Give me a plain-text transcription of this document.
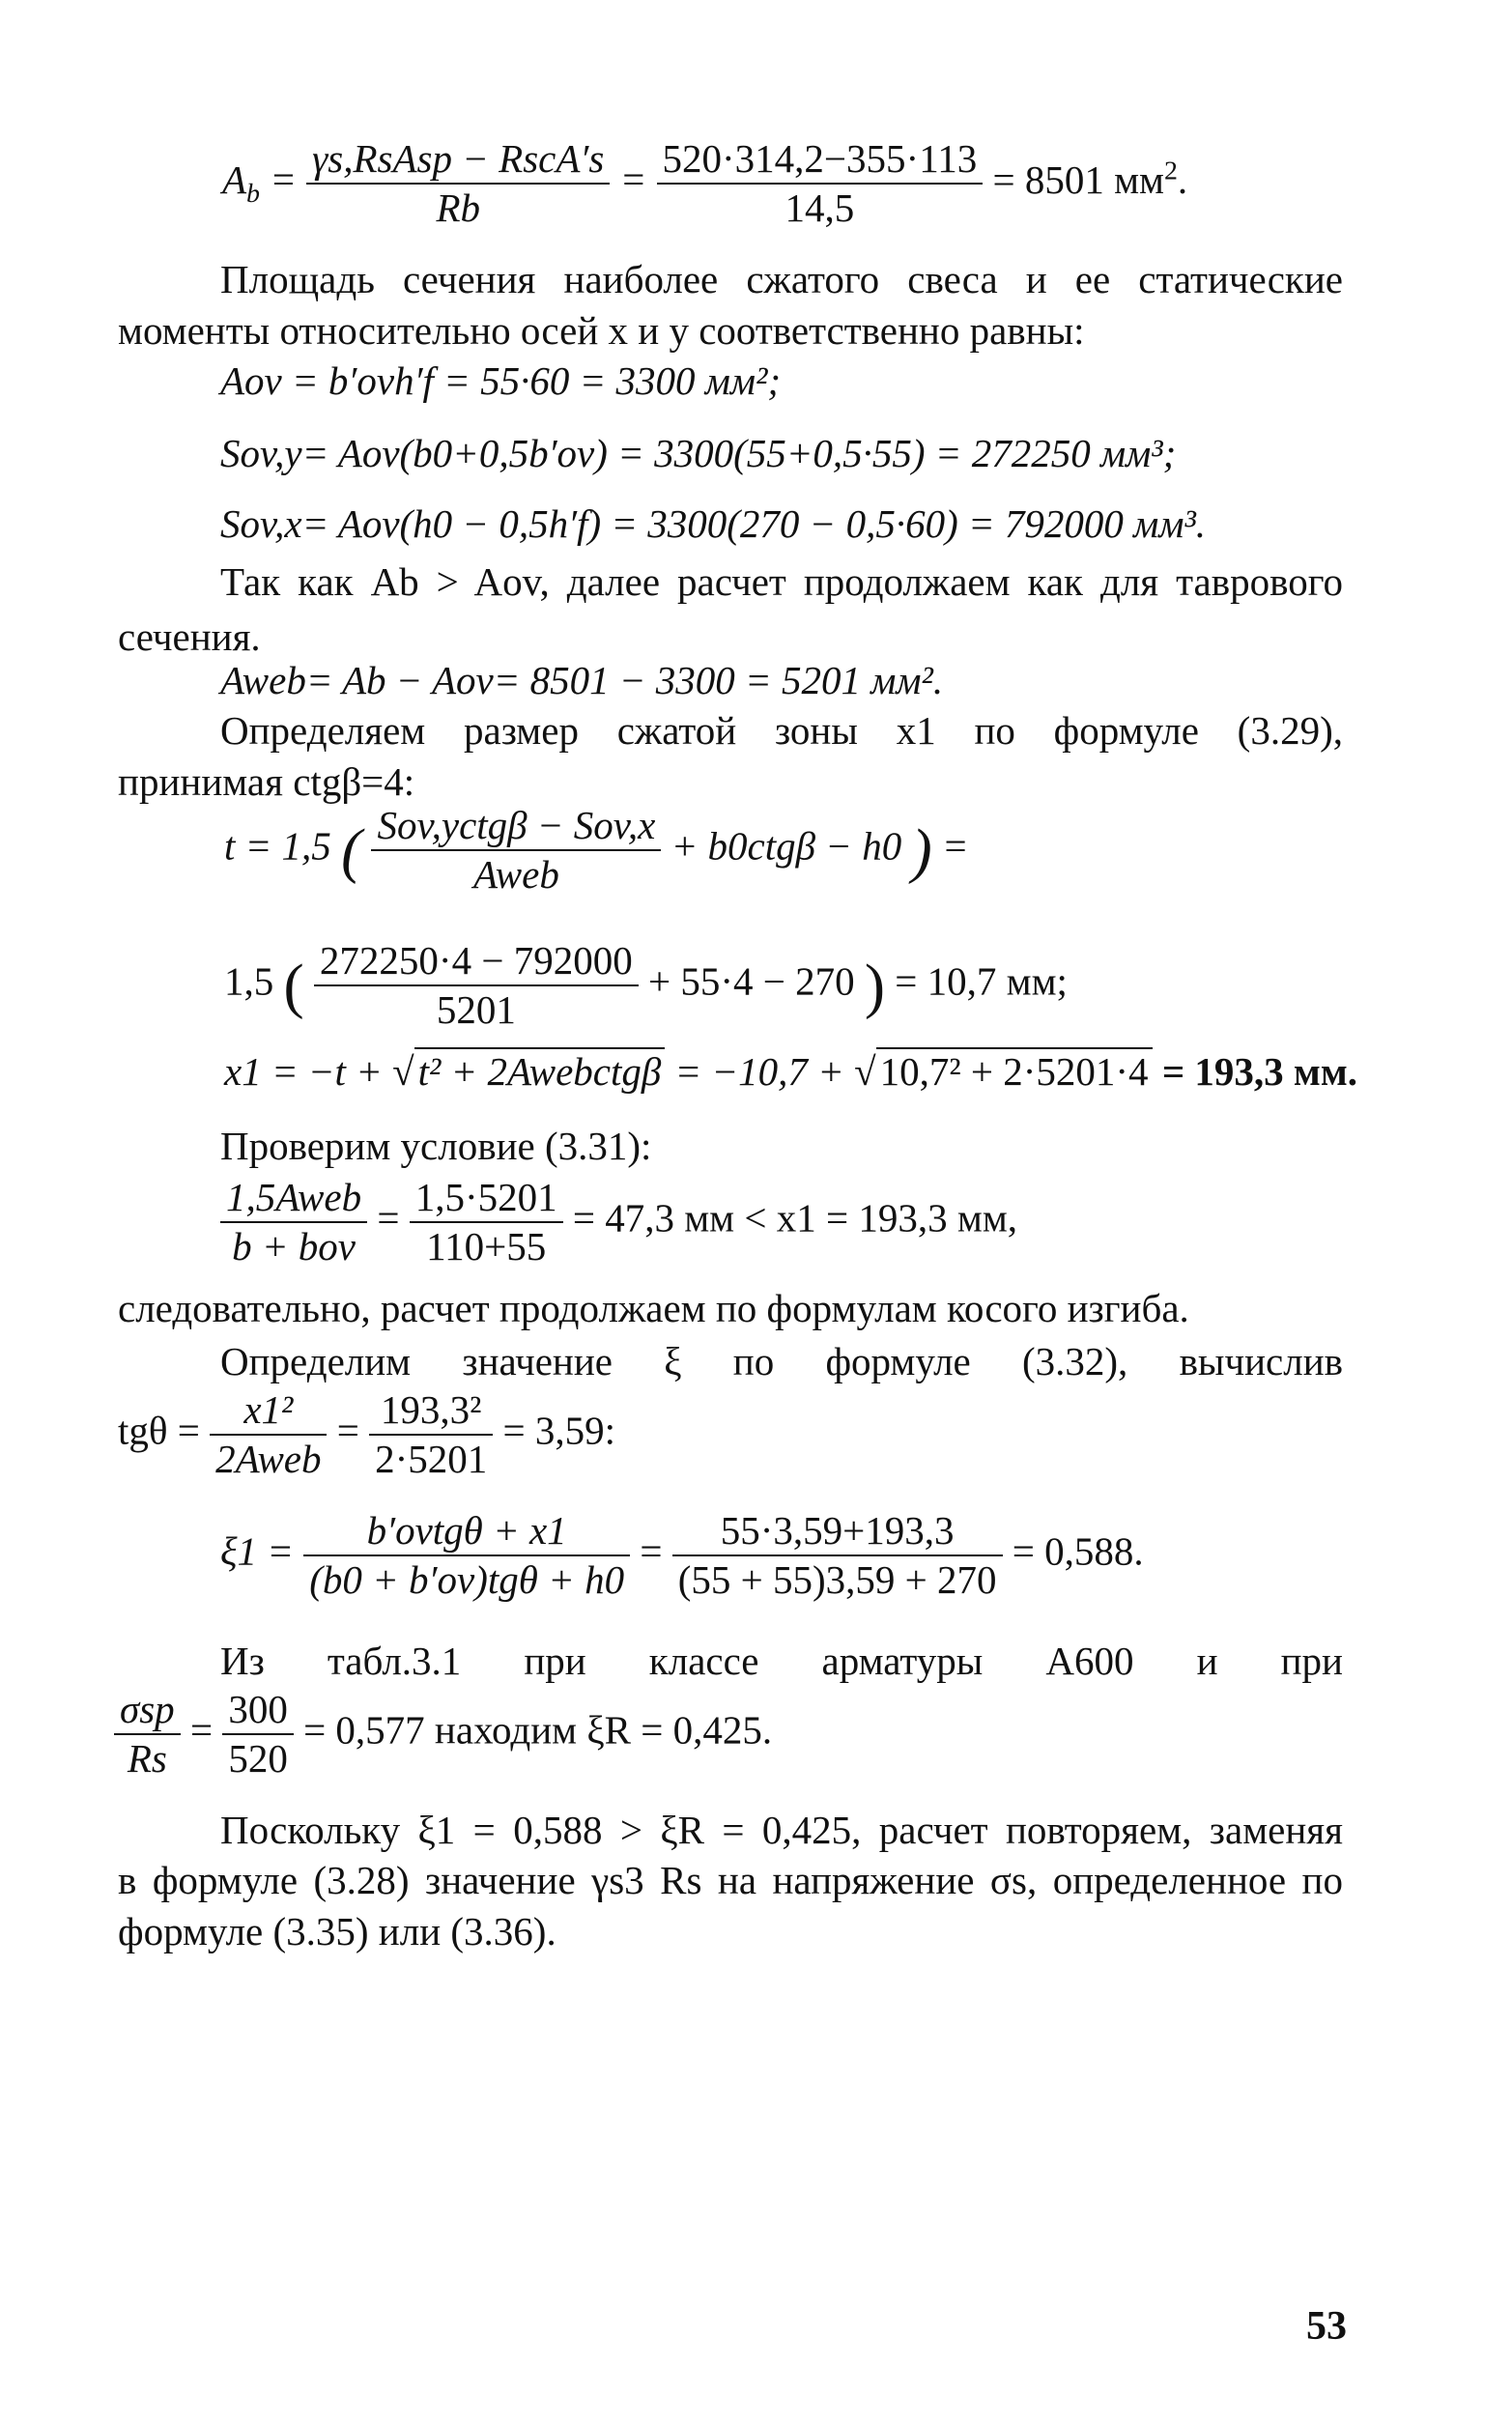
$A_b = \frac{\text{γs,RsAsp − RscA′s}}{Rb} = \frac{520\cdot 314,2-355\cdot 113}{14,5} = 8501$ $мм^2$.
Площадь сечения наиболее сжатого свеса и ее статические
моменты относительно осей x и y соответственно равны:
Aov = b′ovh′f = 55·60 = 3300 мм²;
Sov,y= Aov(b0+0,5b′ov) = 3300(55+0,5·55) = 272250 мм³;
Sov,x= Aov(h0 − 0,5h′f) = 3300(270 − 0,5·60) = 792000 мм³.
Так как Ab > Aov, далее расчет продолжаем как для таврового
сечения.
Aweb= Ab − Aov= 8501 − 3300 = 5201 мм².
Определяем размер сжатой зоны x1 по формуле (3.29),
принимая ctgβ=4:
t = 1,5 ( $\frac{\text{Sov,yctgβ − Sov,x}}{\text{Aweb}} + b0ctg\beta - h0$ ) =
1,5 ( $\frac{272250\cdot 4 - 792000}{5201} + 55\cdot 4 - 270$ ) = 10,7 мм;
x1 = −t + √t² + 2Awebctgβ = −10,7 + √10,7² + 2·5201·4 = 193,3 мм.
Проверим условие (3.31):
$\frac{\text{1,5Aweb}}{\text{b + bov}} = \frac{1,5\cdot 5201}{110+55} = 47,3$ мм < x1 = 193,3 мм,
следовательно, расчет продолжаем по формулам косого изгиба.
Определим значение ξ по формуле (3.32), вычислив
$tg\theta = \frac{\text{x1²}}{\text{2Aweb}} = \frac{\text{193,3²}}{2\cdot 5201} = 3,59$:
$\xi 1 = \frac{\text{b′ovtgθ + x1}}{\text{(b0 + b′ov)tgθ + h0}} = \frac{55\cdot 3,59+193,3}{(55 + 55)3,59 + 270} = 0,588$.
Из табл.3.1 при классе арматуры А600 и при
$\frac{\text{σsp}}{Rs} = \frac{300}{520} = 0,577$ находим ξR = 0,425.
Поскольку ξ1 = 0,588 > ξR = 0,425, расчет повторяем, заменяя
в формуле (3.28) значение γs3 Rs на напряжение σs, определенное по
формуле (3.35) или (3.36).
53
